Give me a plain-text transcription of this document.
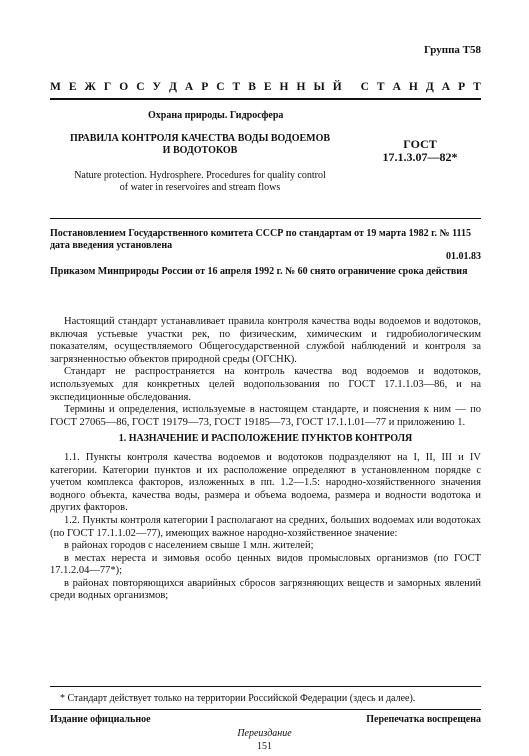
Группа Т58
М Е Ж Г О С У Д А Р С Т В Е Н Н Ы Й
С Т А Н Д А Р Т
Охрана природы. Гидросфера
ПРАВИЛА КОНТРОЛЯ КАЧЕСТВА ВОДЫ ВОДОЕМОВ
И ВОДОТОКОВ	ГОСТ
17.1.3.07—82*
Nature protection. Hydrosphere. Procedures for quality control
of water in reservoires and stream flows
Постановлением Государственного комитета СССР по стандартам от 19 марта 1982 г. № 1115 дата введения установлена
01.01.83
Приказом Минприроды России от 16 апреля 1992 г. № 60 снято ограничение срока действия

Настоящий стандарт устанавливает правила контроля качества воды водоемов и водотоков, включая устьевые участки рек, по физическим, химическим и гидробиологическим показателям, осуществляемого Общегосударственной службой наблюдений и контроля за загрязненностью объектов природной среды (ОГСНК).

Стандарт не распространяется на контроль качества вод водоемов и водотоков, используемых для конкретных целей водопользования по ГОСТ 17.1.1.03—86, и на экспедиционные обследования.

Термины и определения, используемые в настоящем стандарте, и пояснения к ним — по ГОСТ 27065—86, ГОСТ 19179—73, ГОСТ 19185—73, ГОСТ 17.1.1.01—77 и приложению 1.

1. НАЗНАЧЕНИЕ И РАСПОЛОЖЕНИЕ ПУНКТОВ КОНТРОЛЯ

1.1. Пункты контроля качества водоемов и водотоков подразделяют на I, II, III и IV категории. Категории пунктов и их расположение определяют в установленном порядке с учетом комплекса факторов, изложенных в пп. 1.2—1.5: народно-хозяйственного значения водного объекта, качества воды, размера и объема водоема, размера и водности водотока и других факторов.

1.2. Пункты контроля категории I располагают на средних, больших водоемах или водотоках (по ГОСТ 17.1.1.02—77), имеющих важное народно-хозяйственное значение:

в районах городов с населением свыше 1 млн. жителей;

в местах нереста и зимовья особо ценных видов промысловых организмов (по ГОСТ 17.1.2.04—77*);

в районах повторяющихся аварийных сбросов загрязняющих веществ и заморных явлений среди водных организмов;

* Стандарт действует только на территории Российской Федерации (здесь и далее).
Издание официальное	Перепечатка воспрещена
Переиздание
151
